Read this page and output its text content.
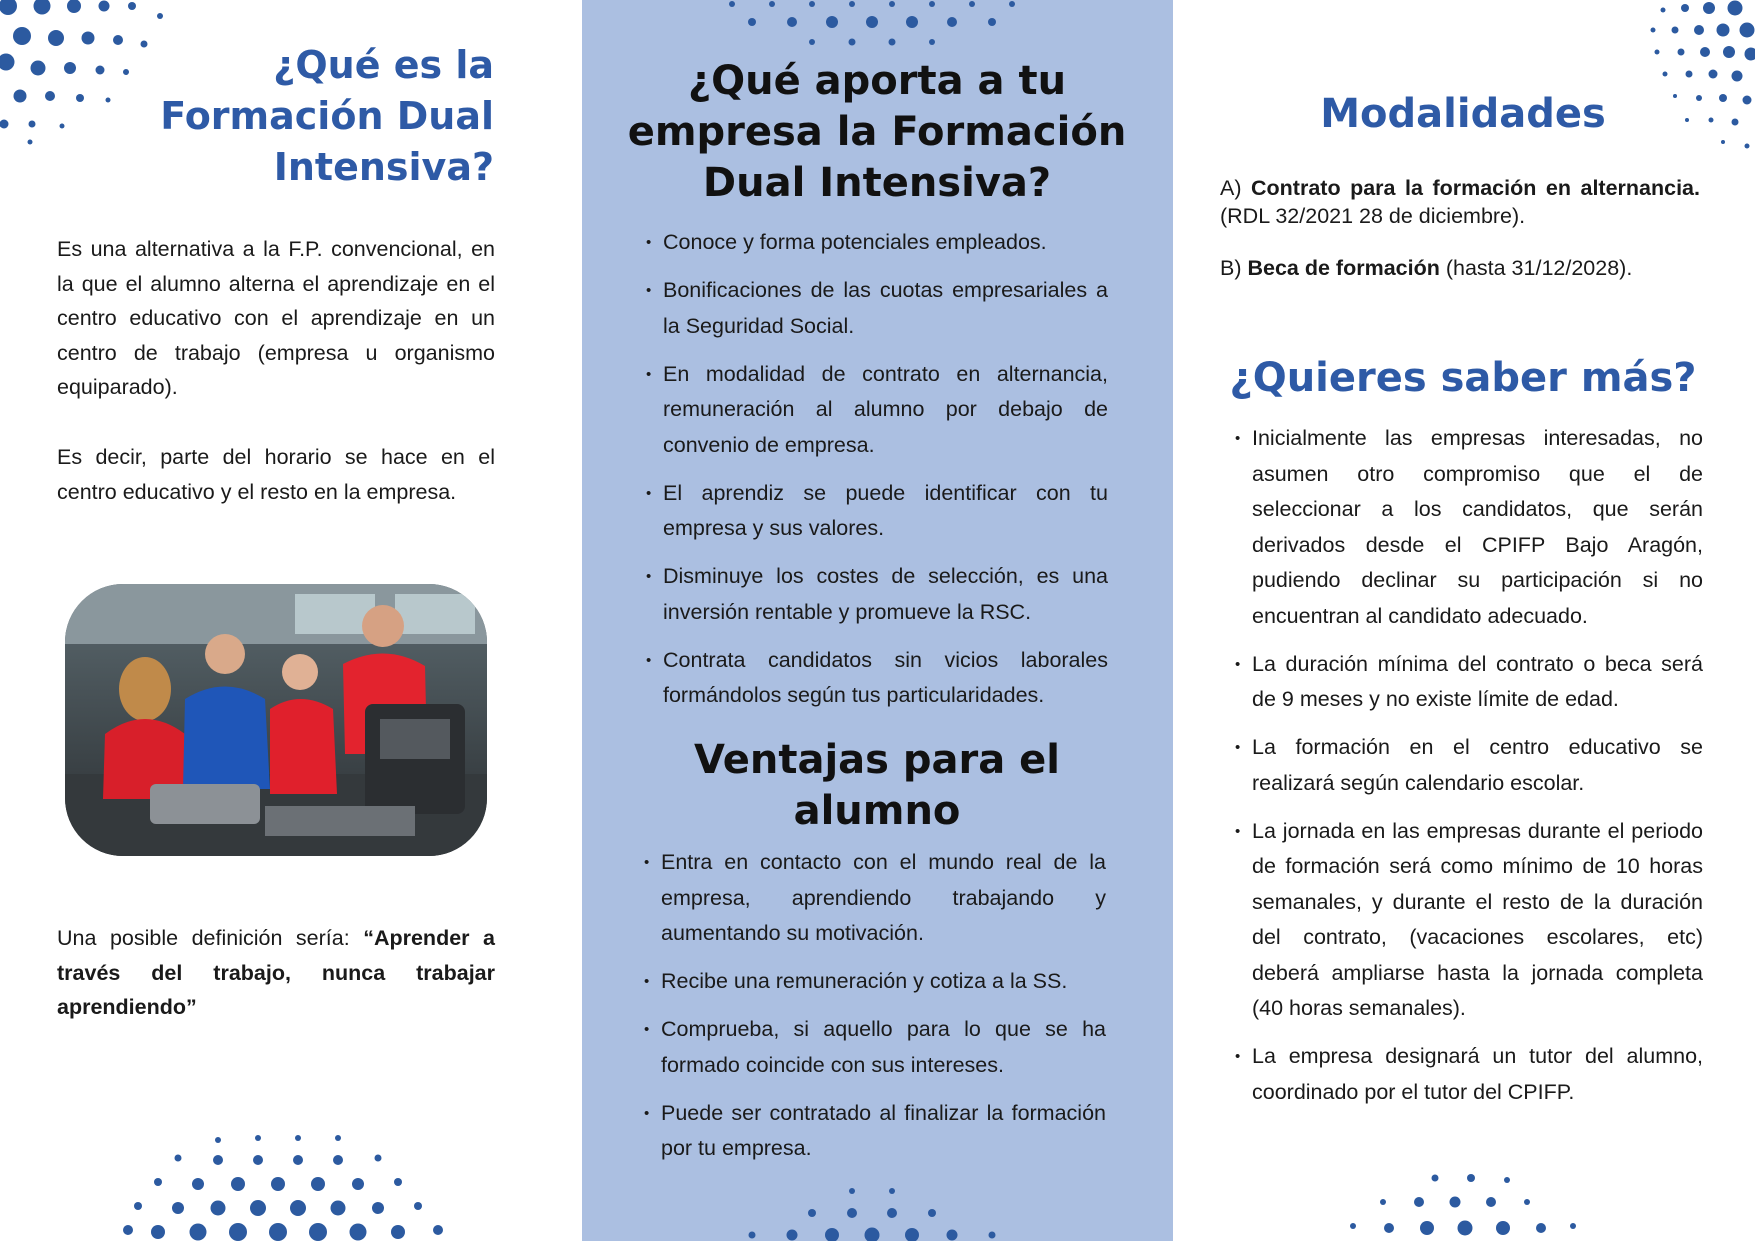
¿Qué es la
Formación Dual
Intensiva?

Es una alternativa a la F.P. convencional, en la que el alumno alterna el aprendizaje en el centro educativo con el aprendizaje en un centro de trabajo (empresa u organismo equiparado).

Es decir, parte del horario se hace en el centro educativo y el resto en la empresa.

Una posible definición sería: “Aprender a través del trabajo, nunca trabajar aprendiendo”

¿Qué aporta a tu
empresa la Formación
Dual Intensiva?
• Conoce y forma potenciales empleados.
• Bonificaciones de las cuotas empresariales a la Seguridad Social.
• En modalidad de contrato en alternancia, remuneración al alumno por debajo de convenio de empresa.
• El aprendiz se puede identificar con tu empresa y sus valores.
• Disminuye los costes de selección, es una inversión rentable y promueve la RSC.
• Contrata candidatos sin vicios laborales formándolos según tus particularidades.
Ventajas para el
alumno
• Entra en contacto con el mundo real de la empresa, aprendiendo trabajando y aumentando su motivación.
• Recibe una remuneración y cotiza a la SS.
• Comprueba, si aquello para lo que se ha formado coincide con sus intereses.
• Puede ser contratado al finalizar la formación por tu empresa.
Modalidades

A) Contrato para la formación en alternancia. (RDL 32/2021 28 de diciembre).

B) Beca de formación (hasta 31/12/2028).

¿Quieres saber más?
• Inicialmente las empresas interesadas, no asumen otro compromiso que el de seleccionar a los candidatos, que serán derivados desde el CPIFP Bajo Aragón, pudiendo declinar su participación si no encuentran al candidato adecuado.
• La duración mínima del contrato o beca será de 9 meses y no existe límite de edad.
• La formación en el centro educativo se realizará según calendario escolar.
• La jornada en las empresas durante el periodo de formación será como mínimo de 10 horas semanales, y durante el resto de la duración del contrato, (vacaciones escolares, etc) deberá ampliarse hasta la jornada completa (40 horas semanales).
• La empresa designará un tutor del alumno, coordinado por el tutor del CPIFP.
